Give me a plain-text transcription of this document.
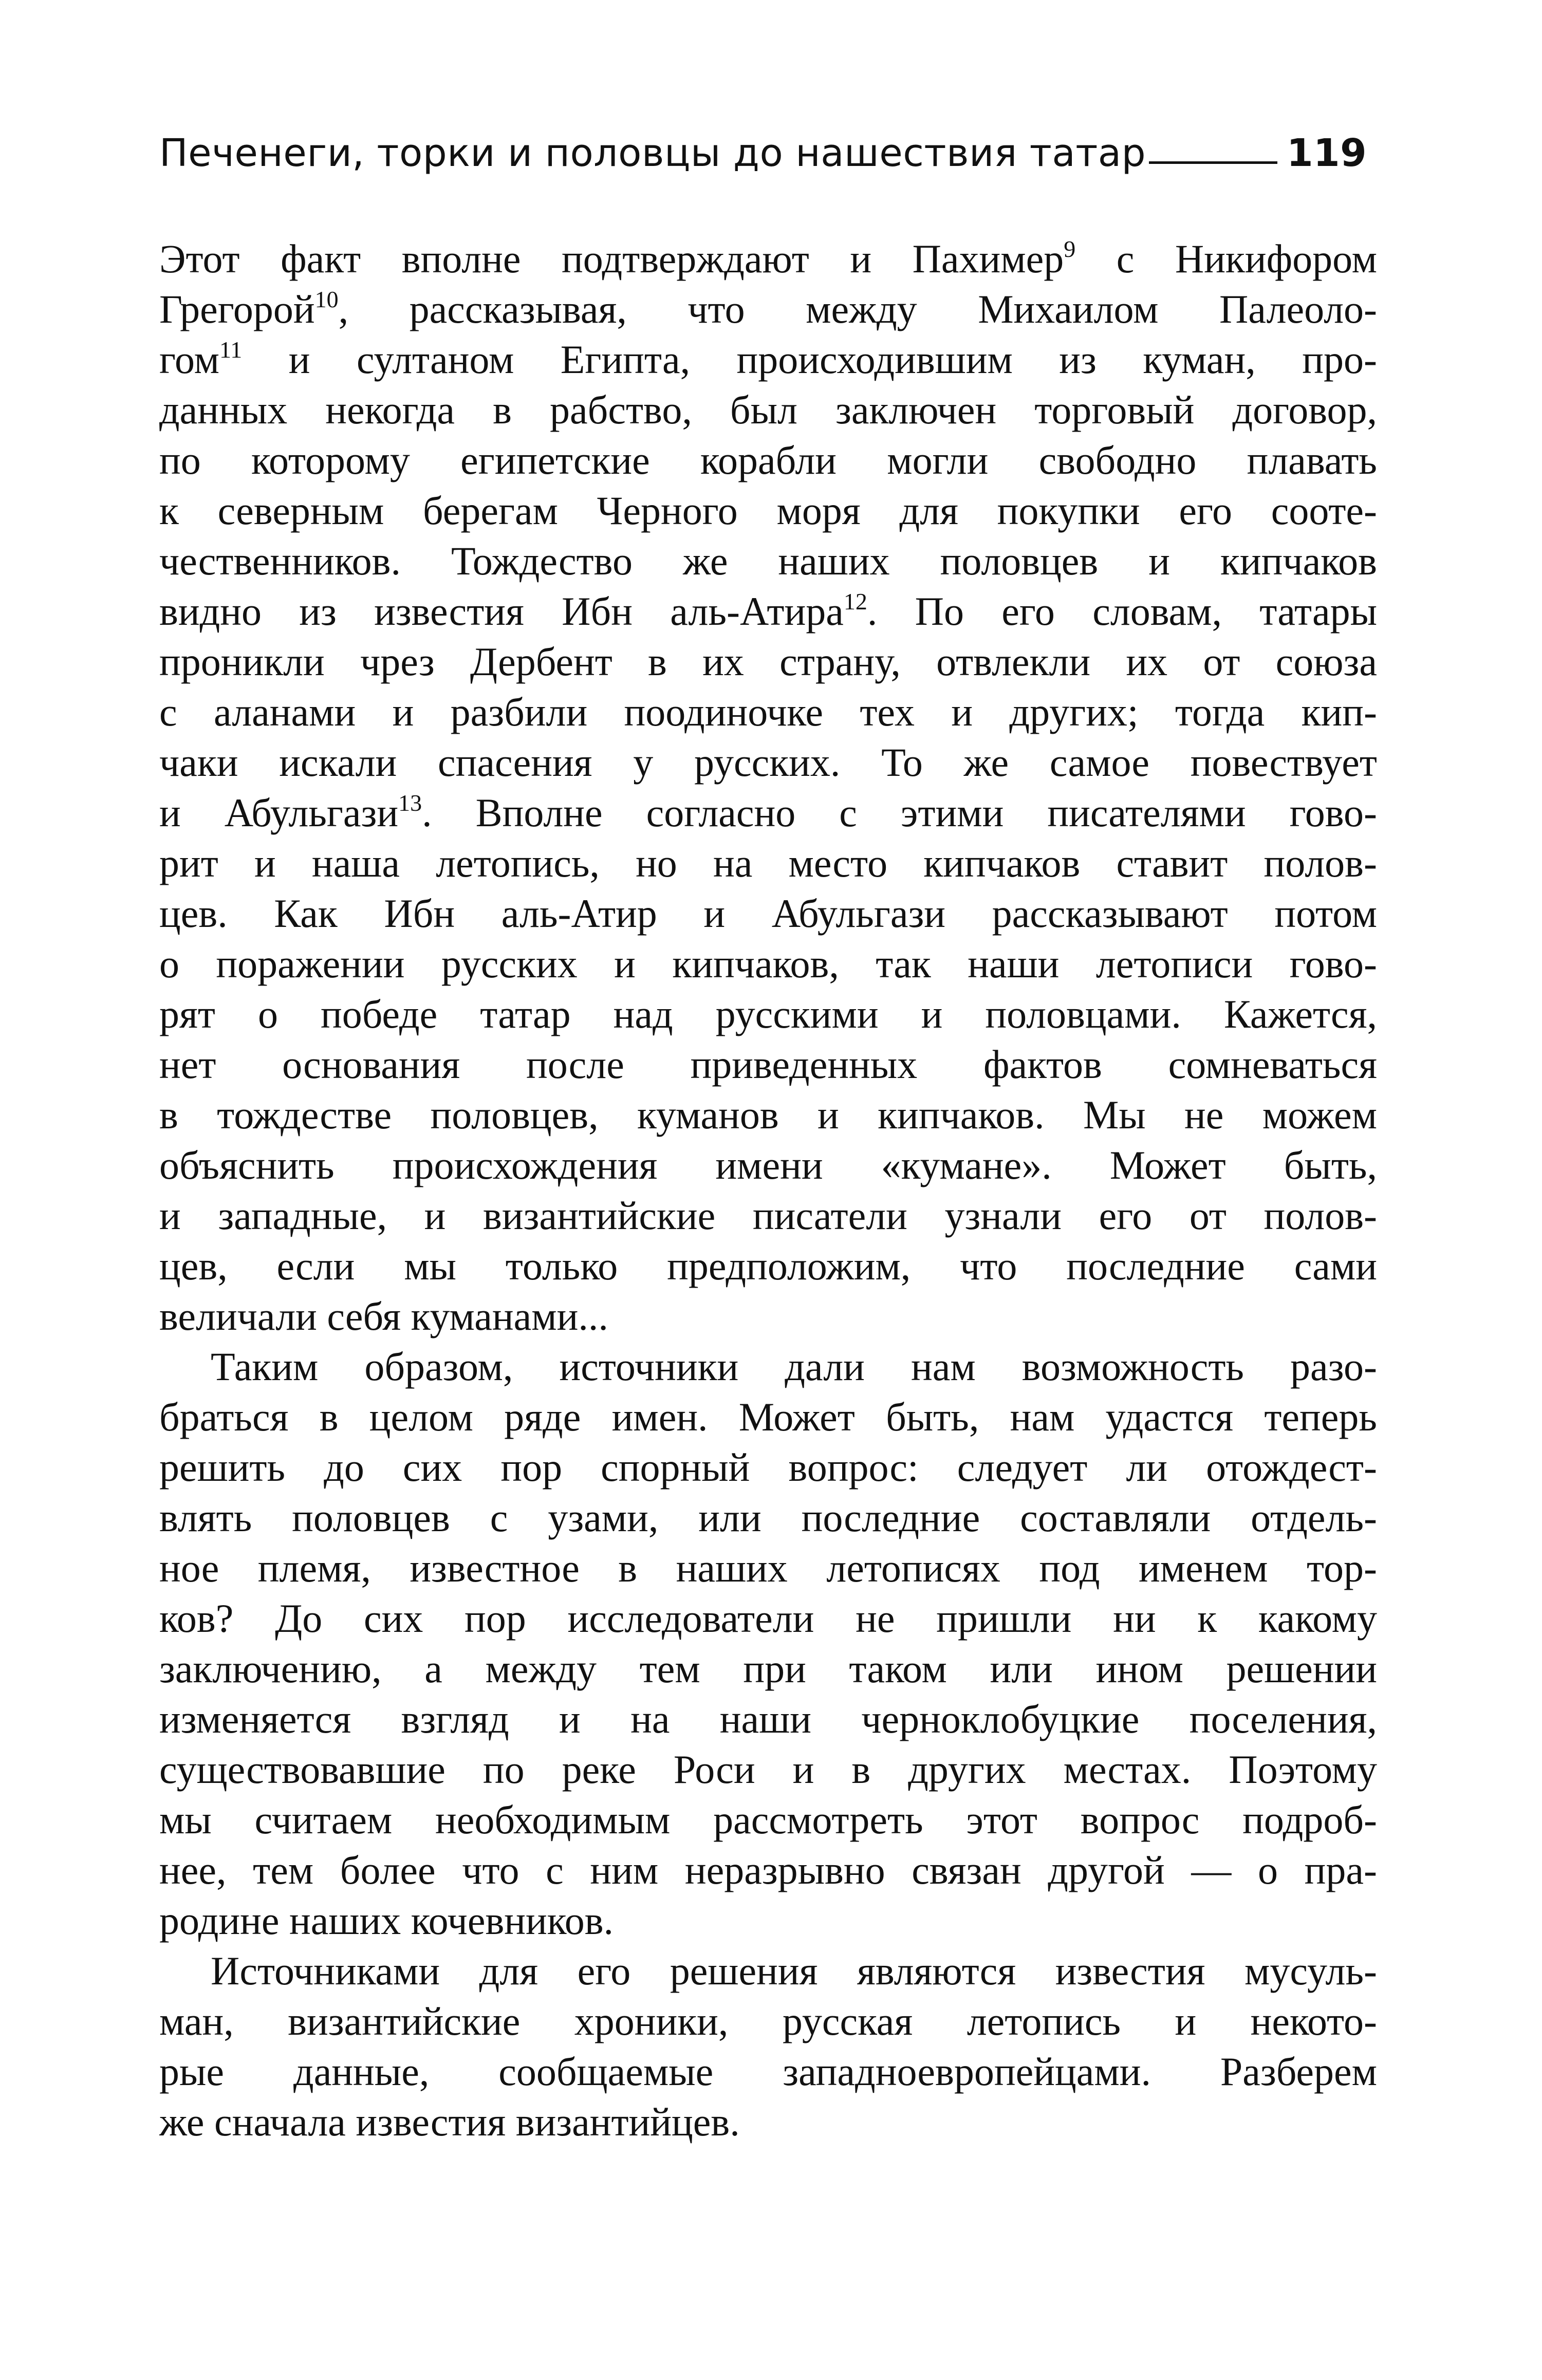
Печенеги, торки и половцы до нашествия татар	119
Этот факт вполне подтверждают и Пахимер$^9$ с Никифором
Грегорой$^{10}$, рассказывая, что между Михаилом Палеоло-
гом$^{11}$ и султаном Египта, происходившим из куман, про-
данных некогда в рабство, был заключен торговый договор,
по которому египетские корабли могли свободно плавать
к северным берегам Черного моря для покупки его сооте-
чественников. Тождество же наших половцев и кипчаков
видно из известия Ибн аль-Атира$^{12}$. По его словам, татары
проникли чрез Дербент в их страну, отвлекли их от союза
с аланами и разбили поодиночке тех и других; тогда кип-
чаки искали спасения у русских. То же самое повествует
и Абульгази$^{13}$. Вполне согласно с этими писателями гово-
рит и наша летопись, но на место кипчаков ставит полов-
цев. Как Ибн аль-Атир и Абульгази рассказывают потом
о поражении русских и кипчаков, так наши летописи гово-
рят о победе татар над русскими и половцами. Кажется,
нет основания после приведенных фактов сомневаться
в тождестве половцев, куманов и кипчаков. Мы не можем
объяснить происхождения имени «кумане». Может быть,
и западные, и византийские писатели узнали его от полов-
цев, если мы только предположим, что последние сами
величали себя куманами...
Таким образом, источники дали нам возможность разо-
браться в целом ряде имен. Может быть, нам удастся теперь
решить до сих пор спорный вопрос: следует ли отождест-
влять половцев с узами, или последние составляли отдель-
ное племя, известное в наших летописях под именем тор-
ков? До сих пор исследователи не пришли ни к какому
заключению, а между тем при таком или ином решении
изменяется взгляд и на наши черноклобуцкие поселения,
существовавшие по реке Роси и в других местах. Поэтому
мы считаем необходимым рассмотреть этот вопрос подроб-
нее, тем более что с ним неразрывно связан другой — о пра-
родине наших кочевников.
Источниками для его решения являются известия мусуль-
ман, византийские хроники, русская летопись и некото-
рые данные, сообщаемые западноевропейцами. Разберем
же сначала известия византийцев.
